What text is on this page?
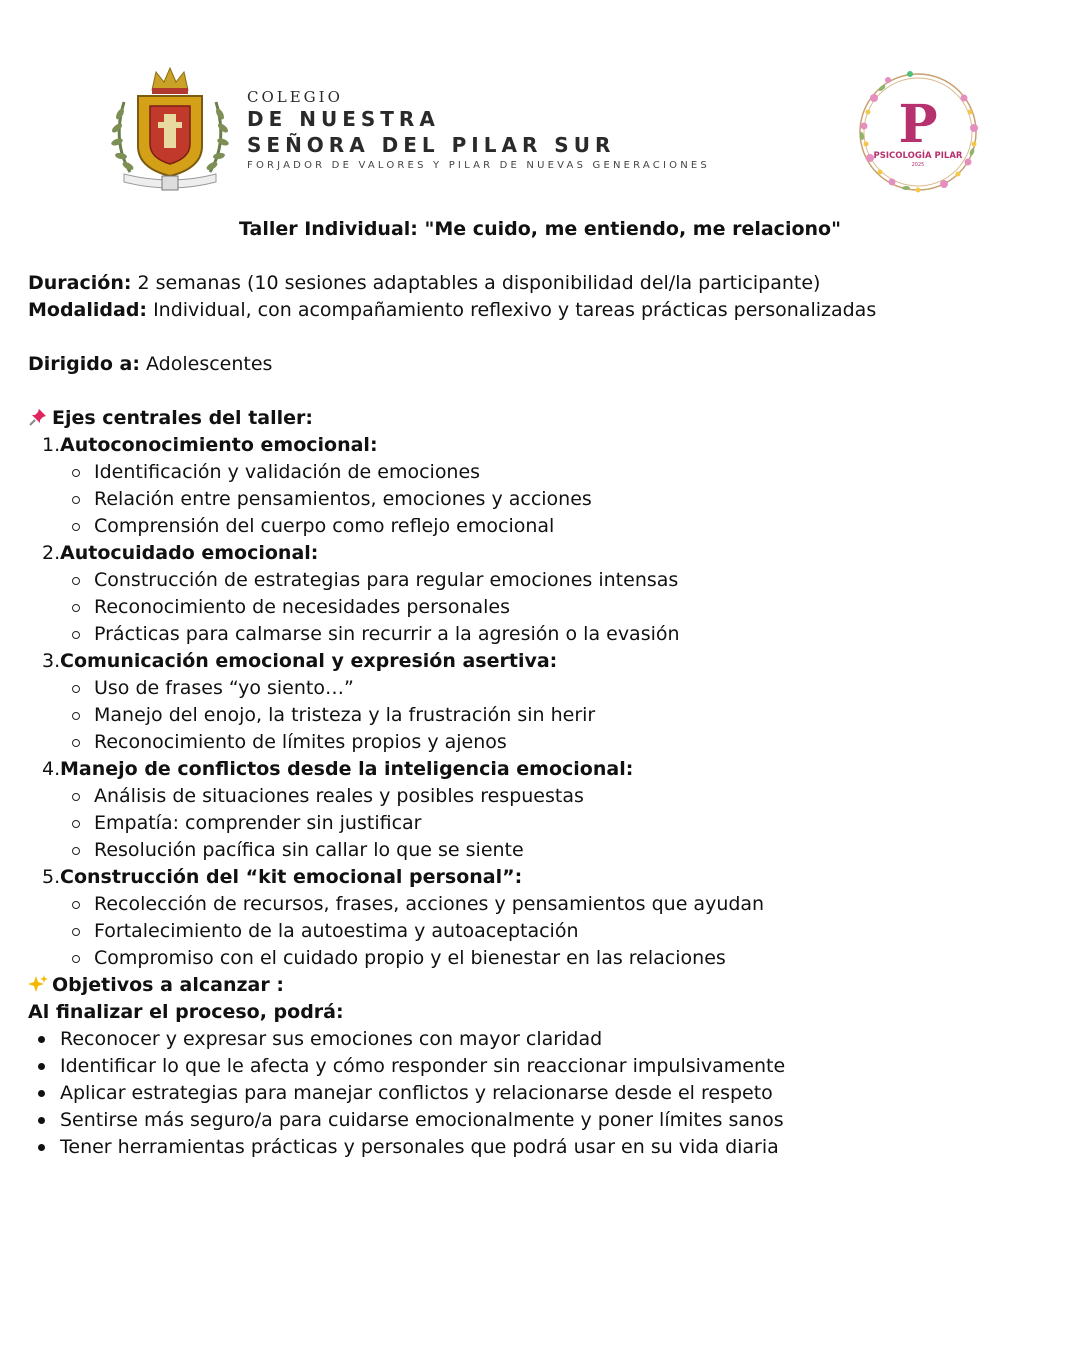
COLEGIO
DE NUESTRA
SEÑORA DEL PILAR SUR
FORJADOR DE VALORES Y PILAR DE NUEVAS GENERACIONES
P
PSICOLOGÍA PILAR
2025
Taller Individual: "Me cuido, me entiendo, me relaciono"
Duración: 2 semanas (10 sesiones adaptables a disponibilidad del/la participante)
Modalidad: Individual, con acompañamiento reflexivo y tareas prácticas personalizadas
Dirigido a: Adolescentes
Ejes centrales del taller:
1. Autoconocimiento emocional:
Identificación y validación de emociones
Relación entre pensamientos, emociones y acciones
Comprensión del cuerpo como reflejo emocional
2. Autocuidado emocional:
Construcción de estrategias para regular emociones intensas
Reconocimiento de necesidades personales
Prácticas para calmarse sin recurrir a la agresión o la evasión
3. Comunicación emocional y expresión asertiva:
Uso de frases “yo siento…”
Manejo del enojo, la tristeza y la frustración sin herir
Reconocimiento de límites propios y ajenos
4. Manejo de conflictos desde la inteligencia emocional:
Análisis de situaciones reales y posibles respuestas
Empatía: comprender sin justificar
Resolución pacífica sin callar lo que se siente
5. Construcción del “kit emocional personal”:
Recolección de recursos, frases, acciones y pensamientos que ayudan
Fortalecimiento de la autoestima y autoaceptación
Compromiso con el cuidado propio y el bienestar en las relaciones
Objetivos a alcanzar :
Al finalizar el proceso, podrá:
Reconocer y expresar sus emociones con mayor claridad
Identificar lo que le afecta y cómo responder sin reaccionar impulsivamente
Aplicar estrategias para manejar conflictos y relacionarse desde el respeto
Sentirse más seguro/a para cuidarse emocionalmente y poner límites sanos
Tener herramientas prácticas y personales que podrá usar en su vida diaria
